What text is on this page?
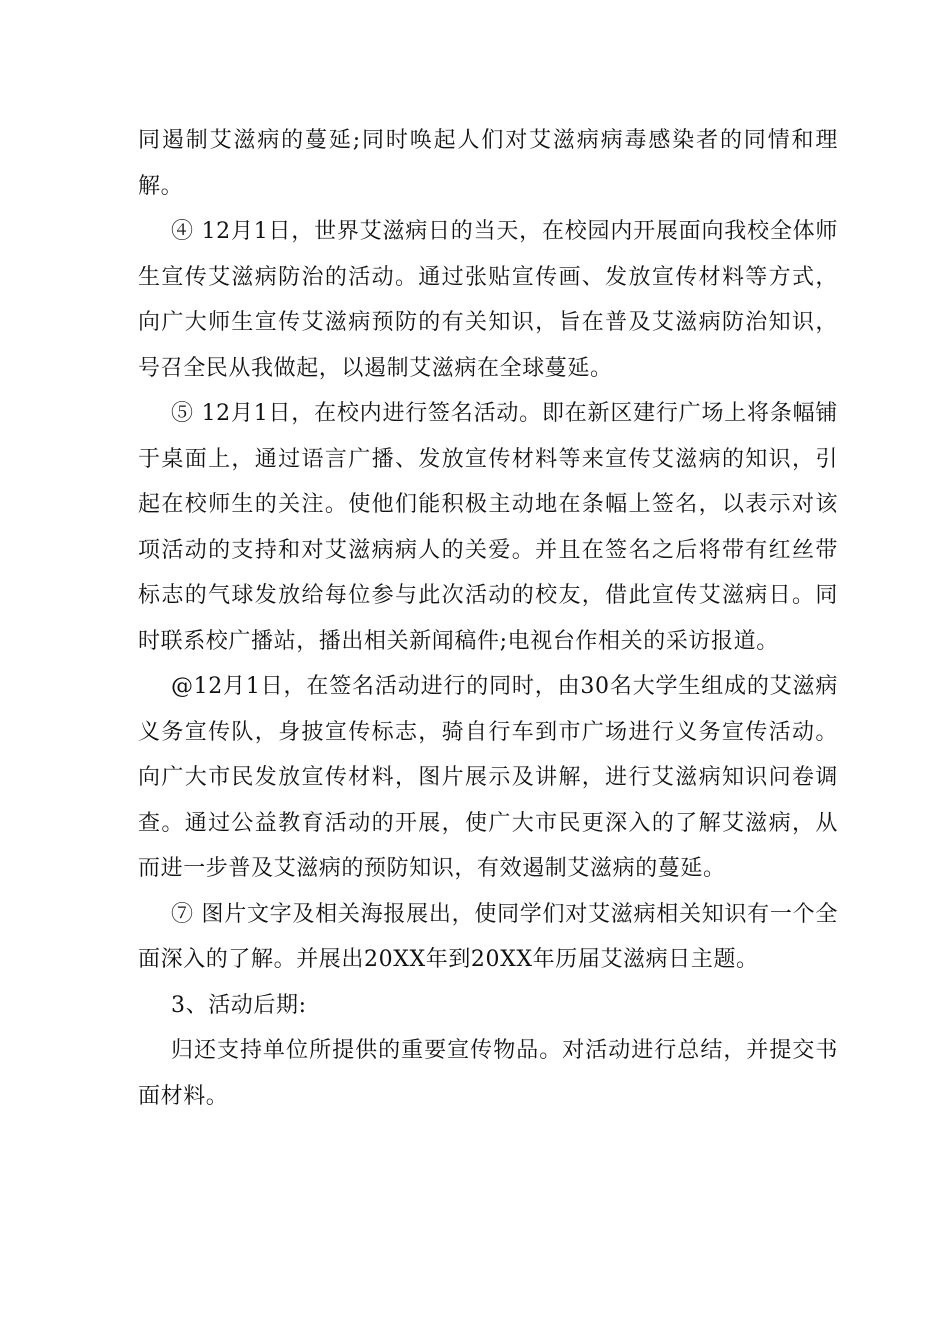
同遏制艾滋病的蔓延;同时唤起人们对艾滋病病毒感染者的同情和理解。

④ 12月1日，世界艾滋病日的当天，在校园内开展面向我校全体师生宣传艾滋病防治的活动。通过张贴宣传画、发放宣传材料等方式，向广大师生宣传艾滋病预防的有关知识，旨在普及艾滋病防治知识，号召全民从我做起，以遏制艾滋病在全球蔓延。

⑤ 12月1日，在校内进行签名活动。即在新区建行广场上将条幅铺于桌面上，通过语言广播、发放宣传材料等来宣传艾滋病的知识，引起在校师生的关注。使他们能积极主动地在条幅上签名，以表示对该项活动的支持和对艾滋病病人的关爱。并且在签名之后将带有红丝带标志的气球发放给每位参与此次活动的校友，借此宣传艾滋病日。同时联系校广播站，播出相关新闻稿件;电视台作相关的采访报道。

@12月1日，在签名活动进行的同时，由30名大学生组成的艾滋病义务宣传队，身披宣传标志，骑自行车到市广场进行义务宣传活动。向广大市民发放宣传材料，图片展示及讲解，进行艾滋病知识问卷调查。通过公益教育活动的开展，使广大市民更深入的了解艾滋病，从而进一步普及艾滋病的预防知识，有效遏制艾滋病的蔓延。

⑦ 图片文字及相关海报展出，使同学们对艾滋病相关知识有一个全面深入的了解。并展出20XX年到20XX年历届艾滋病日主题。

3、活动后期:

归还支持单位所提供的重要宣传物品。对活动进行总结，并提交书面材料。
